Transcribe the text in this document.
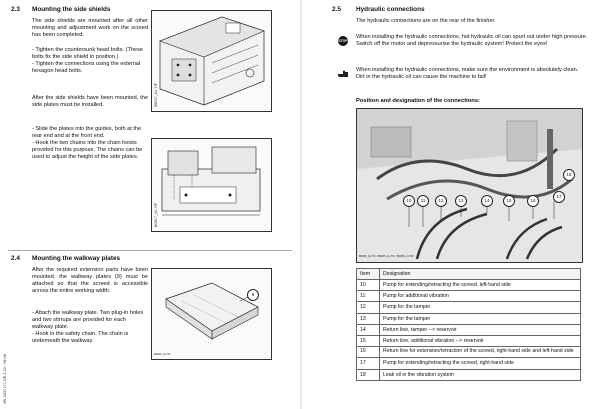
2.3 Mounting the side shields
The side shields are mounted after all other mounting and adjustment work on the screed has been completed.

- Tighten the countersunk head bolts. (These bolts fix the side shield in position.)

- Tighten the connections using the external hexagon head bolts.

After the side shields have been mounted, the side plates must be installed.

- Slide the plates into the guides, both at the rear end and at the front end.

- Hook the two chains into the chain hoists provided for this purpose. The chains can be used to adjust the height of the side plates.

08027_A1.TIF
B0017_A1.TIF
2.4 Mounting the walkway plates
After the required extension parts have been mounted, the walkway plates (9) must be attached so that the screed is accessible across the entire working width.

- Attach the walkway plate. Two plug-in holes and two stirrups are provided for each walkway plate.

- Hook in the safety chain. The chain is underneath the walkway.

9
B0020_A1.TIF
VB 1000 171 DE 2-22 - 09.06
2.5 Hydraulic connections
The hydraulic connections are on the rear of the finisher.
STOP

When installing the hydraulic connections, hot hydraulic oil can spurt out under high pressure.

Switch off the motor and depressurise the hydraulic system! Protect the eyes!

When installing the hydraulic connections, make sure the environment is absolutely clean.

Dirt in the hydraulic oil can cause the machine to fail!

Position and designation of the connections:
10	11	12	13	14	15	16
17
18
B0096_A1.TIF / B0095_A1.TIF / B0095_A1.TIF
Item	Designation
10	Pump for extending/retracting the screed, left-hand side
11	Pump for additional vibration
12	Pump for the tamper
13	Pump for the tamper
14	Return line, tamper --> reservoir
15	Return line, additional vibration --> reservoir
16	Return line for extension/retraction of the screed, right-hand side and left-hand side
17	Pump for extending/retracting the screed, right-hand side
18	Leak oil in the vibration system
